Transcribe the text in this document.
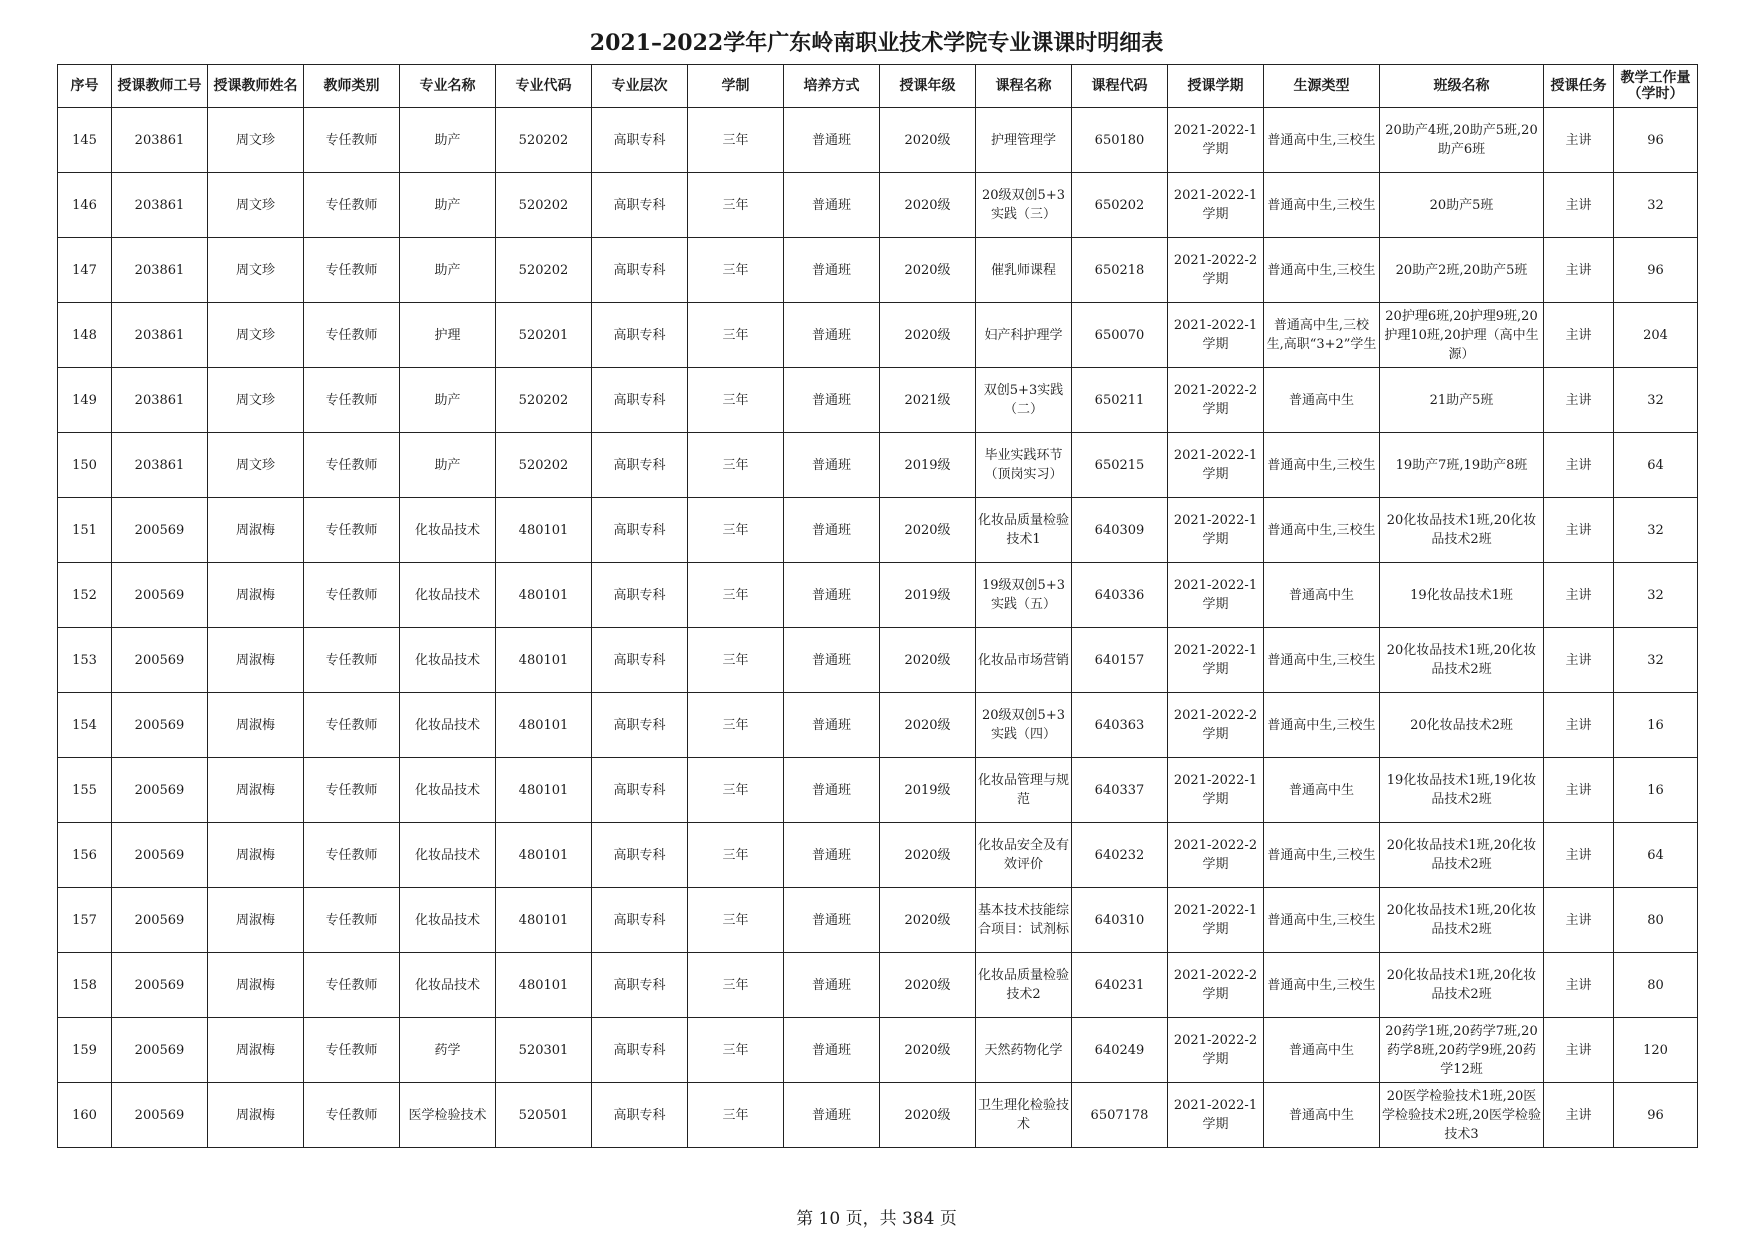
2021–2022学年广东岭南职业技术学院专业课课时明细表
序号	授课教师工号	授课教师姓名	教师类别	专业名称	专业代码	专业层次	学制	培养方式	授课年级	课程名称	课程代码	授课学期	生源类型	班级名称	授课任务	教学工作量（学时）

145	203861	周文珍	专任教师	助产	520202	高职专科	三年	普通班	2020级	护理管理学	650180	2021-2022-1学期	普通高中生,三校生	20助产4班,20助产5班,20助产6班	主讲	96

146	203861	周文珍	专任教师	助产	520202	高职专科	三年	普通班	2020级	20级双创5+3实践（三）	650202	2021-2022-1学期	普通高中生,三校生	20助产5班	主讲	32

147	203861	周文珍	专任教师	助产	520202	高职专科	三年	普通班	2020级	催乳师课程	650218	2021-2022-2学期	普通高中生,三校生	20助产2班,20助产5班	主讲	96

148	203861	周文珍	专任教师	护理	520201	高职专科	三年	普通班	2020级	妇产科护理学	650070	2021-2022-1学期	普通高中生,三校生,高职“3+2”学生	20护理6班,20护理9班,20护理10班,20护理（高中生源）	主讲	204

149	203861	周文珍	专任教师	助产	520202	高职专科	三年	普通班	2021级	双创5+3实践（二）	650211	2021-2022-2学期	普通高中生	21助产5班	主讲	32

150	203861	周文珍	专任教师	助产	520202	高职专科	三年	普通班	2019级	毕业实践环节（顶岗实习）	650215	2021-2022-1学期	普通高中生,三校生	19助产7班,19助产8班	主讲	64

151	200569	周淑梅	专任教师	化妆品技术	480101	高职专科	三年	普通班	2020级	化妆品质量检验技术1	640309	2021-2022-1学期	普通高中生,三校生	20化妆品技术1班,20化妆品技术2班	主讲	32

152	200569	周淑梅	专任教师	化妆品技术	480101	高职专科	三年	普通班	2019级	19级双创5+3实践（五）	640336	2021-2022-1学期	普通高中生	19化妆品技术1班	主讲	32

153	200569	周淑梅	专任教师	化妆品技术	480101	高职专科	三年	普通班	2020级	化妆品市场营销	640157	2021-2022-1学期	普通高中生,三校生	20化妆品技术1班,20化妆品技术2班	主讲	32

154	200569	周淑梅	专任教师	化妆品技术	480101	高职专科	三年	普通班	2020级	20级双创5+3实践（四）	640363	2021-2022-2学期	普通高中生,三校生	20化妆品技术2班	主讲	16

155	200569	周淑梅	专任教师	化妆品技术	480101	高职专科	三年	普通班	2019级	化妆品管理与规范	640337	2021-2022-1学期	普通高中生	19化妆品技术1班,19化妆品技术2班	主讲	16

156	200569	周淑梅	专任教师	化妆品技术	480101	高职专科	三年	普通班	2020级	化妆品安全及有效评价	640232	2021-2022-2学期	普通高中生,三校生	20化妆品技术1班,20化妆品技术2班	主讲	64

157	200569	周淑梅	专任教师	化妆品技术	480101	高职专科	三年	普通班	2020级	基本技术技能综合项目：试剂标	640310	2021-2022-1学期	普通高中生,三校生	20化妆品技术1班,20化妆品技术2班	主讲	80

158	200569	周淑梅	专任教师	化妆品技术	480101	高职专科	三年	普通班	2020级	化妆品质量检验技术2	640231	2021-2022-2学期	普通高中生,三校生	20化妆品技术1班,20化妆品技术2班	主讲	80

159	200569	周淑梅	专任教师	药学	520301	高职专科	三年	普通班	2020级	天然药物化学	640249	2021-2022-2学期	普通高中生	20药学1班,20药学7班,20药学8班,20药学9班,20药学12班	主讲	120

160	200569	周淑梅	专任教师	医学检验技术	520501	高职专科	三年	普通班	2020级	卫生理化检验技术	6507178	2021-2022-1学期	普通高中生	20医学检验技术1班,20医学检验技术2班,20医学检验技术3	主讲	96
第 10 页，共 384 页
